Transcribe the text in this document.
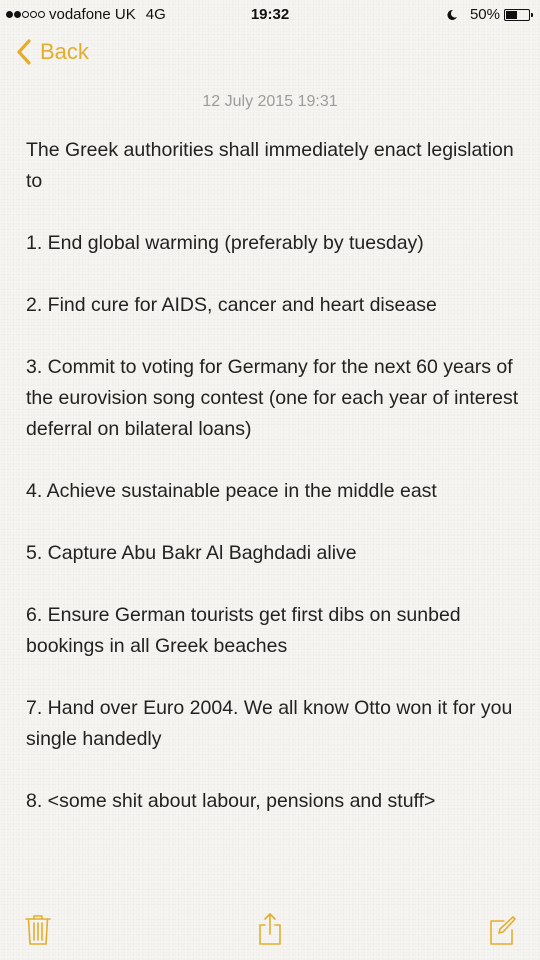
vodafone UK 4G	19:32	50%
Back
12 July 2015 19:31

The Greek authorities shall immediately enact legislation to

1. End global warming (preferably by tuesday)

2. Find cure for AIDS, cancer and heart disease

3. Commit to voting for Germany for the next 60 years of the eurovision song contest (one for each year of interest deferral on bilateral loans)

4. Achieve sustainable peace in the middle east

5. Capture Abu Bakr Al Baghdadi alive

6. Ensure German tourists get first dibs on sunbed bookings in all Greek beaches

7. Hand over Euro 2004. We all know Otto won it for you single handedly

8. <some shit about labour, pensions and stuff>
